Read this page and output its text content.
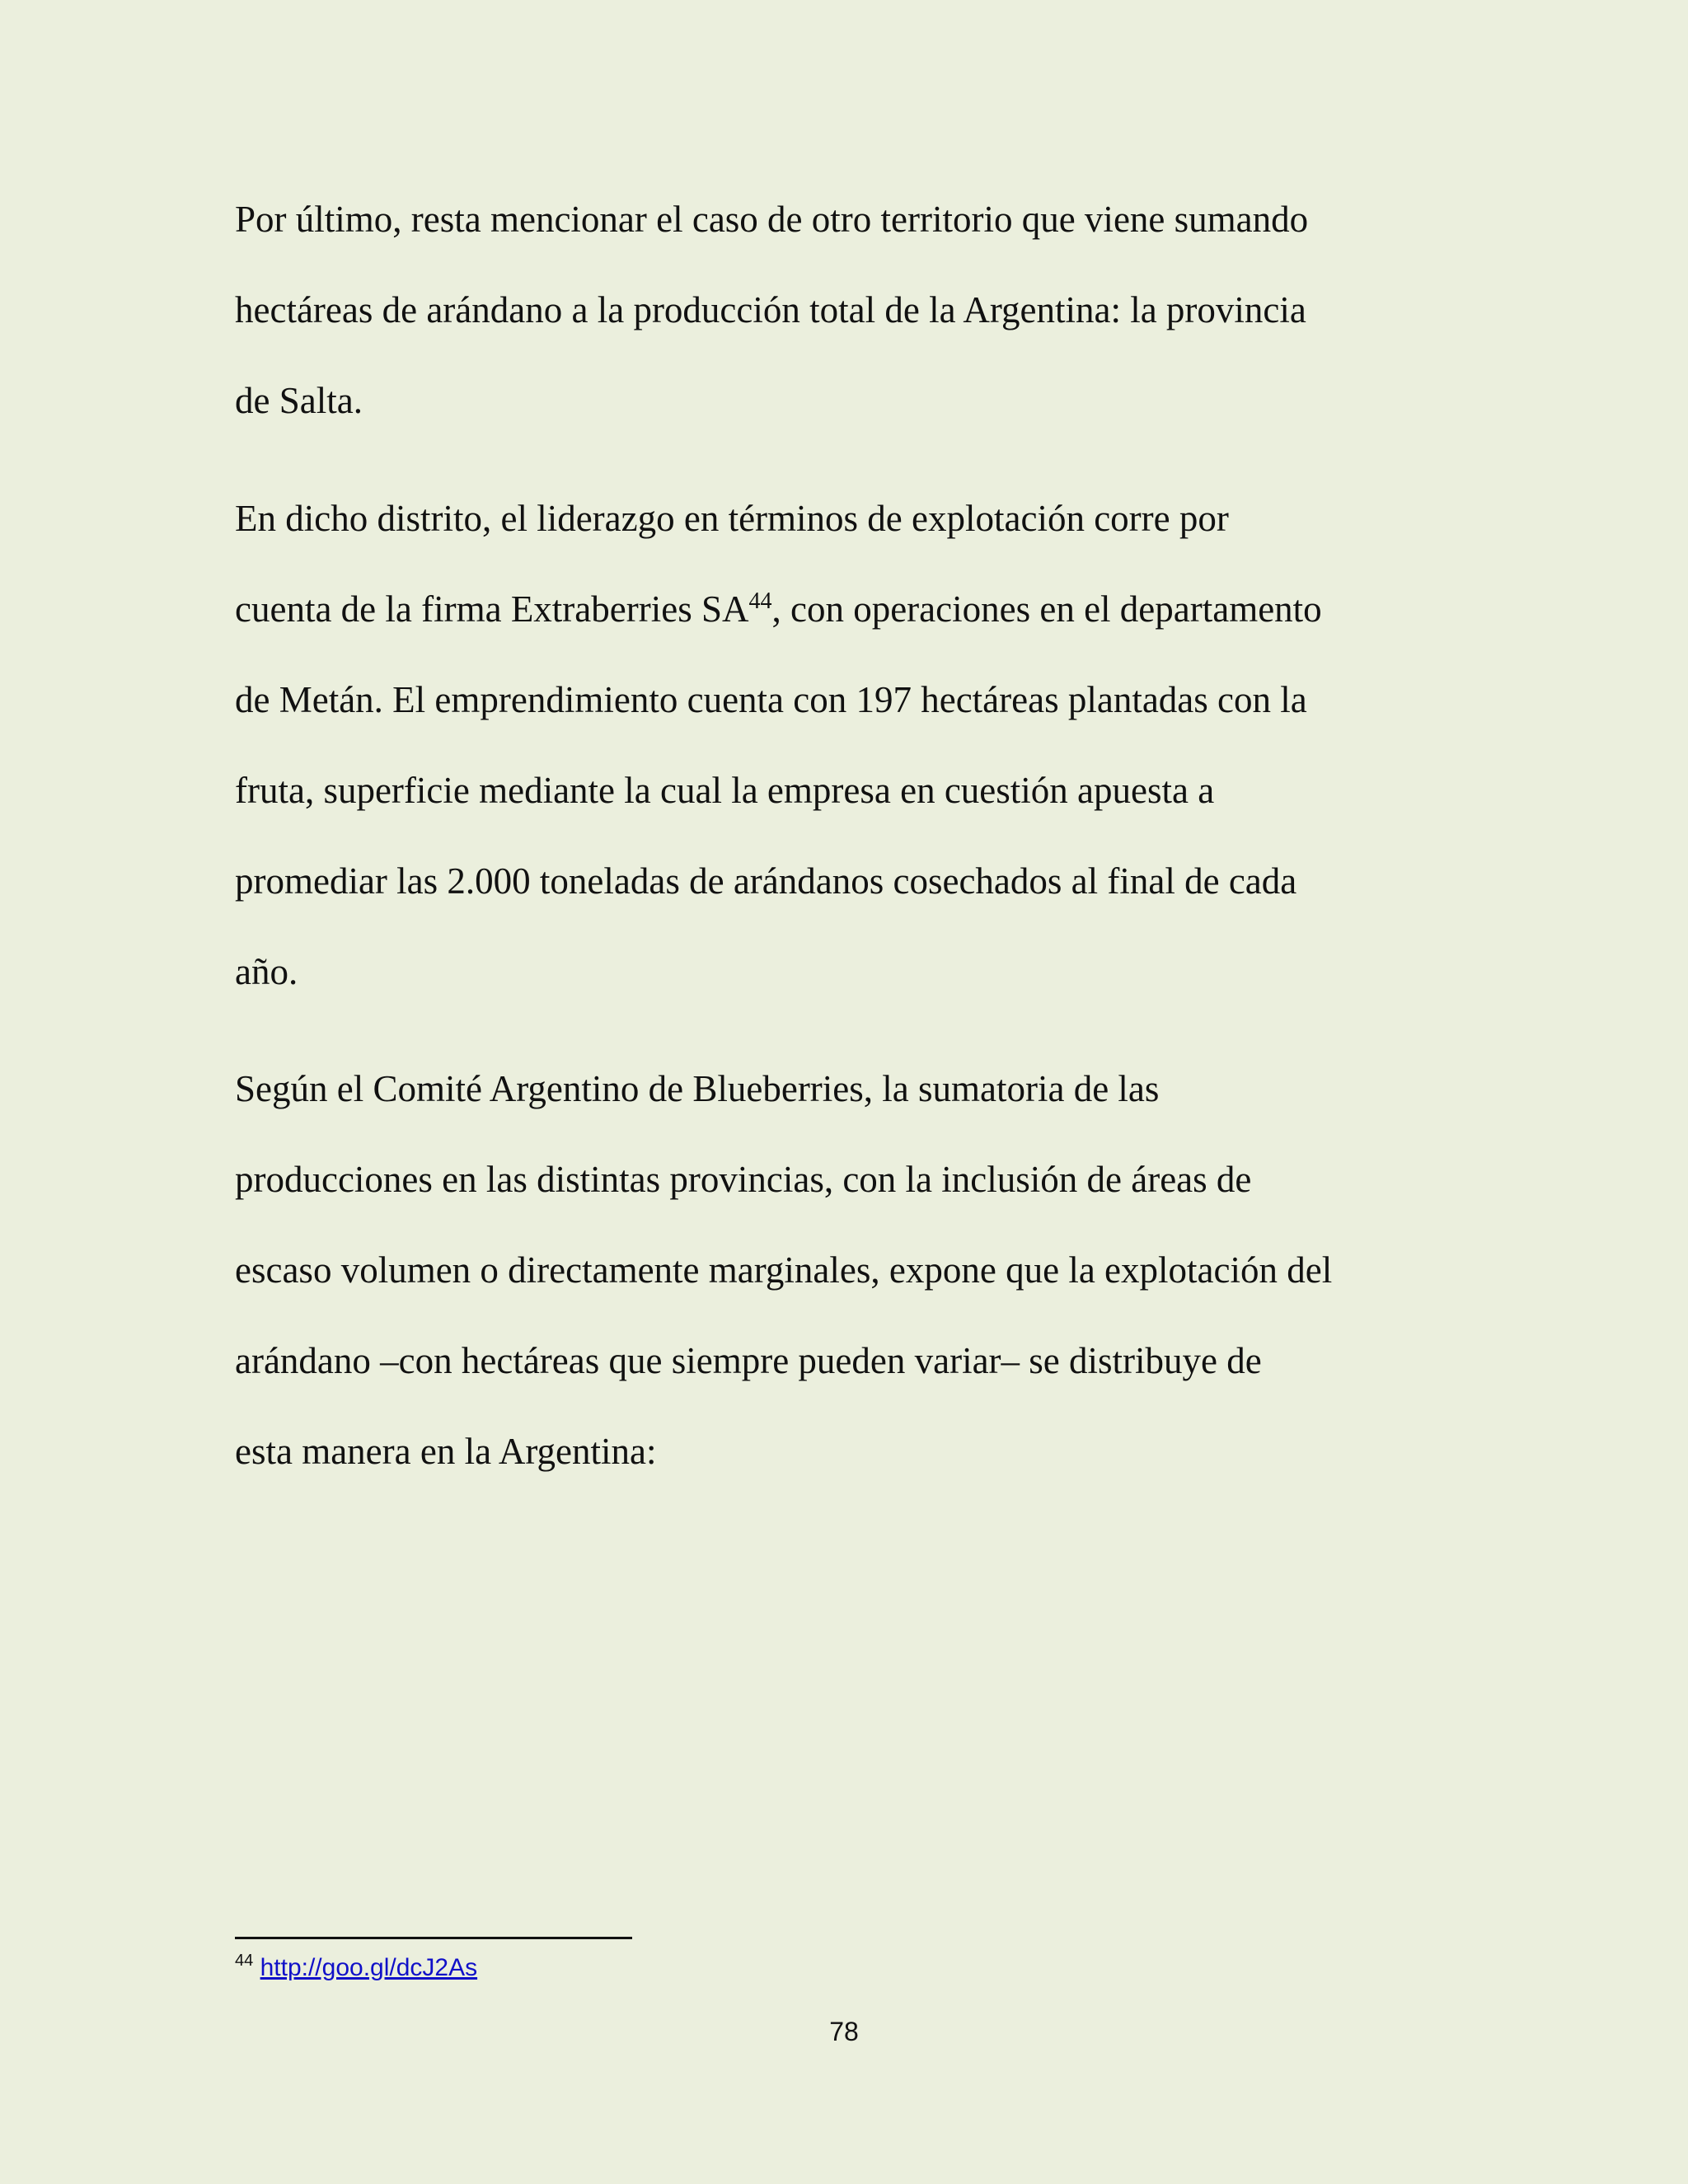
Por último, resta mencionar el caso de otro territorio que viene sumando
hectáreas de arándano a la producción total de la Argentina: la provincia
de Salta.
En dicho distrito, el liderazgo en términos de explotación corre por
cuenta de la firma Extraberries SA$^{44}$, con operaciones en el departamento
de Metán. El emprendimiento cuenta con 197 hectáreas plantadas con la
fruta, superficie mediante la cual la empresa en cuestión apuesta a
promediar las 2.000 toneladas de arándanos cosechados al final de cada
año.
Según el Comité Argentino de Blueberries, la sumatoria de las
producciones en las distintas provincias, con la inclusión de áreas de
escaso volumen o directamente marginales, expone que la explotación del
arándano –con hectáreas que siempre pueden variar– se distribuye de
esta manera en la Argentina:
$^{44}$ http://goo.gl/dcJ2As
78
